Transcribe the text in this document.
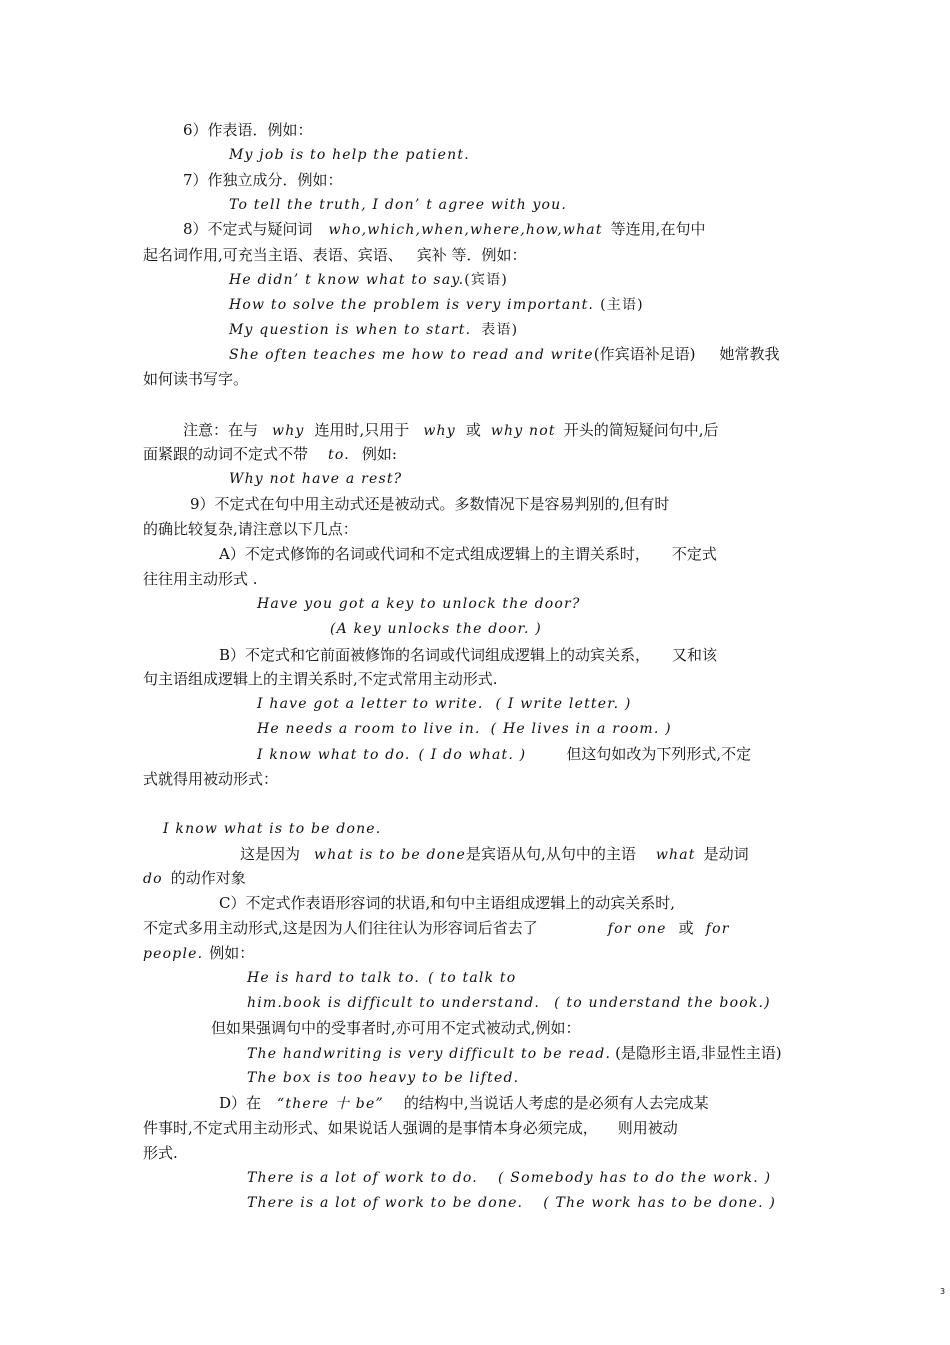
6）作表语．例如：
My job is to help the patient.
7）作独立成分．例如：
To tell the truth, I don’ t agree with you.
8）不定式与疑问词 who,which,when,where,how,what 等连用,在句中
起名词作用,可充当主语、表语、宾语、 宾补 等．例如：
He didn’ t know what to say.(宾语)
How to solve the problem is very important. (主语)
My question is when to start. 表语)
She often teaches me how to read and write(作宾语补足语) 她常教我
如何读书写字。
注意：在与 why 连用时,只用于 why 或 why not 开头的简短疑问句中,后
面紧跟的动词不定式不带 to. 例如:
Why not have a rest?
9）不定式在句中用主动式还是被动式。多数情况下是容易判别的,但有时
的确比较复杂,请注意以下几点：
A）不定式修饰的名词或代词和不定式组成逻辑上的主谓关系时， 不定式
往往用主动形式 .
Have you got a key to unlock the door?
(A key unlocks the door. )
B）不定式和它前面被修饰的名词或代词组成逻辑上的动宾关系， 又和该
句主语组成逻辑上的主谓关系时,不定式常用主动形式.
I have got a letter to write. ( I write letter. )
He needs a room to live in. ( He lives in a room. )
I know what to do. ( I do what. )	但这句如改为下列形式,不定
式就得用被动形式：
I know what is to be done.
这是因为 what is to be done是宾语从句,从句中的主语 what 是动词
do 的动作对象
C）不定式作表语形容词的状语,和句中主语组成逻辑上的动宾关系时,
不定式多用主动形式,这是因为人们往往认为形容词后省去了	for one 或 for
people. 例如：
He is hard to talk to. ( to talk to
him.book is difficult to understand. ( to understand the book.)
但如果强调句中的受事者时,亦可用不定式被动式,例如：
The handwriting is very difficult to be read. (是隐形主语,非显性主语)
The box is too heavy to be lifted.
D）在 “there 十 be” 的结构中,当说话人考虑的是必须有人去完成某
件事时,不定式用主动形式、如果说话人强调的是事情本身必须完成， 则用被动
形式.
There is a lot of work to do. ( Somebody has to do the work. )
There is a lot of work to be done. ( The work has to be done. )
3
